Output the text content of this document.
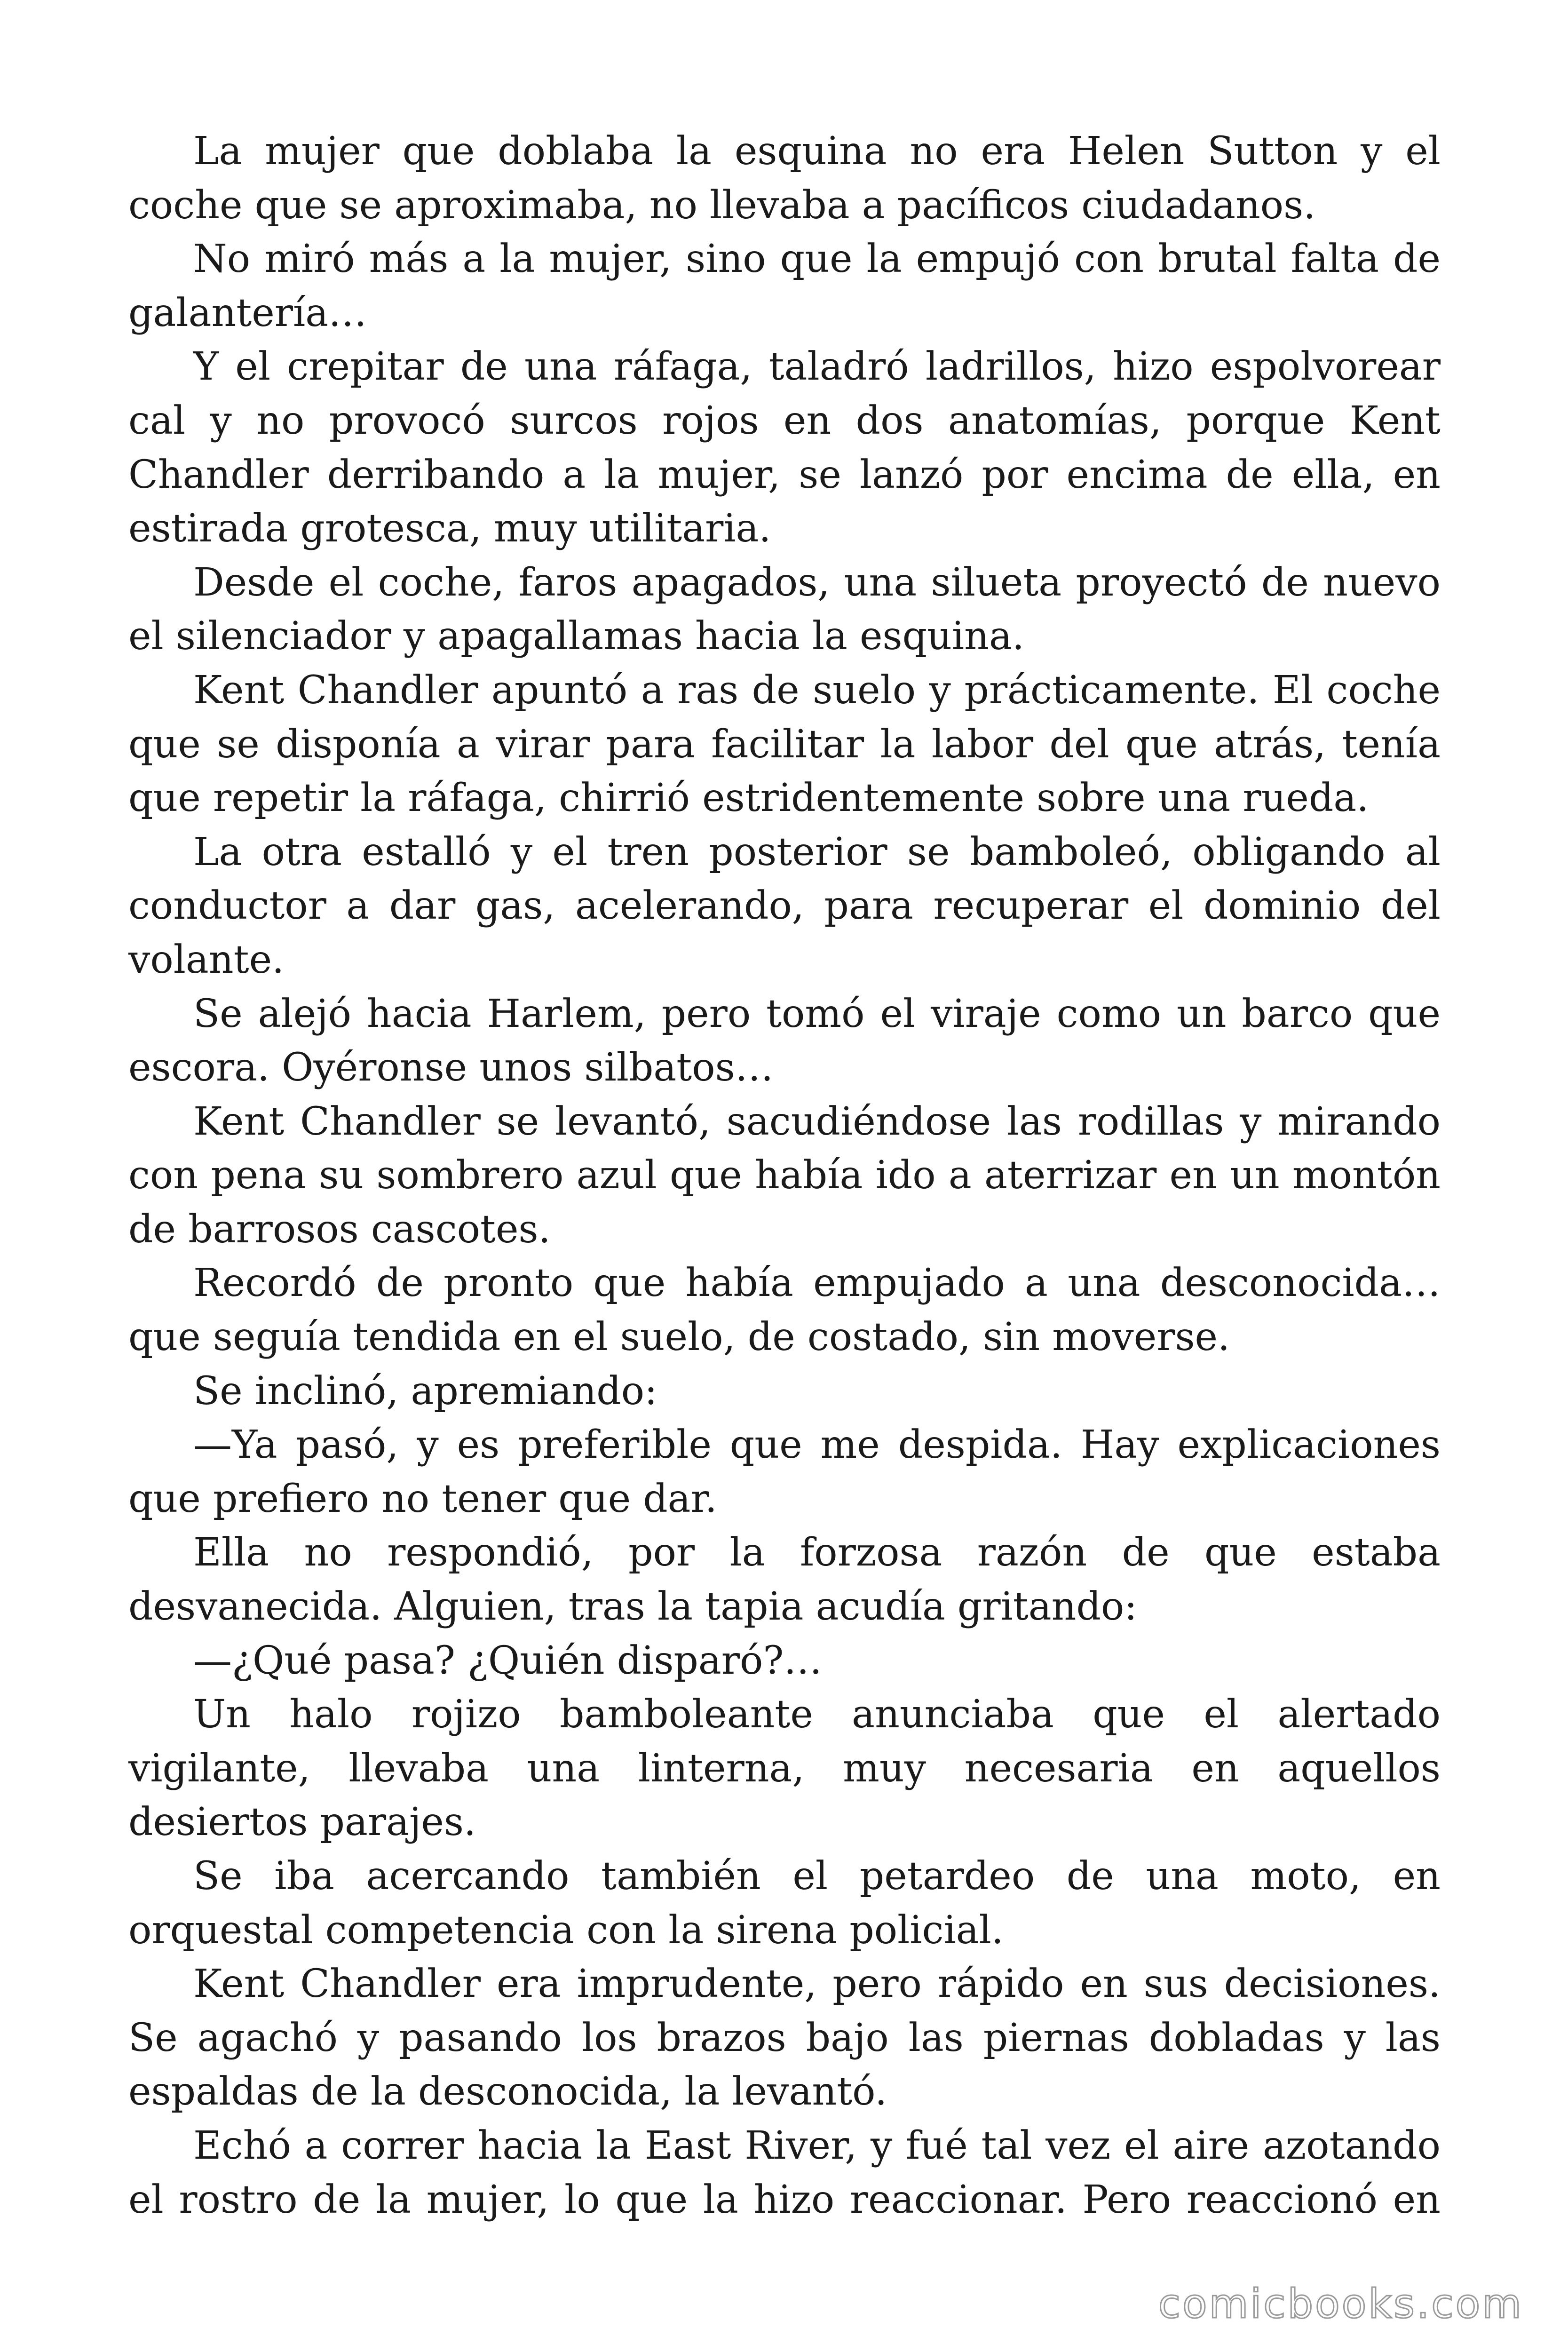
La mujer que doblaba la esquina no era Helen Sutton y el coche que se aproximaba, no llevaba a pacíficos ciudadanos.

No miró más a la mujer, sino que la empujó con brutal falta de galantería…

Y el crepitar de una ráfaga, taladró ladrillos, hizo espolvorear cal y no provocó surcos rojos en dos anatomías, porque Kent Chandler derribando a la mujer, se lanzó por encima de ella, en estirada grotesca, muy utilitaria.

Desde el coche, faros apagados, una silueta proyectó de nuevo el silenciador y apagallamas hacia la esquina.

Kent Chandler apuntó a ras de suelo y prácticamente. El coche que se disponía a virar para facilitar la labor del que atrás, tenía que repetir la ráfaga, chirrió estridentemente sobre una rueda.

La otra estalló y el tren posterior se bamboleó, obligando al conductor a dar gas, acelerando, para recuperar el dominio del volante.

Se alejó hacia Harlem, pero tomó el viraje como un barco que escora. Oyéronse unos silbatos…

Kent Chandler se levantó, sacudiéndose las rodillas y mirando con pena su sombrero azul que había ido a aterrizar en un montón de barrosos cascotes.

Recordó de pronto que había empujado a una desconocida… que seguía tendida en el suelo, de costado, sin moverse.

Se inclinó, apremiando:

—Ya pasó, y es preferible que me despida. Hay explicaciones que prefiero no tener que dar.

Ella no respondió, por la forzosa razón de que estaba desvanecida. Alguien, tras la tapia acudía gritando:

—¿Qué pasa? ¿Quién disparó?…

Un halo rojizo bamboleante anunciaba que el alertado vigilante, llevaba una linterna, muy necesaria en aquellos desiertos parajes.

Se iba acercando también el petardeo de una moto, en orquestal competencia con la sirena policial.

Kent Chandler era imprudente, pero rápido en sus decisiones. Se agachó y pasando los brazos bajo las piernas dobladas y las espaldas de la desconocida, la levantó.

Echó a correr hacia la East River, y fué tal vez el aire azotando el rostro de la mujer, lo que la hizo reaccionar. Pero reaccionó en

comicbooks.com
